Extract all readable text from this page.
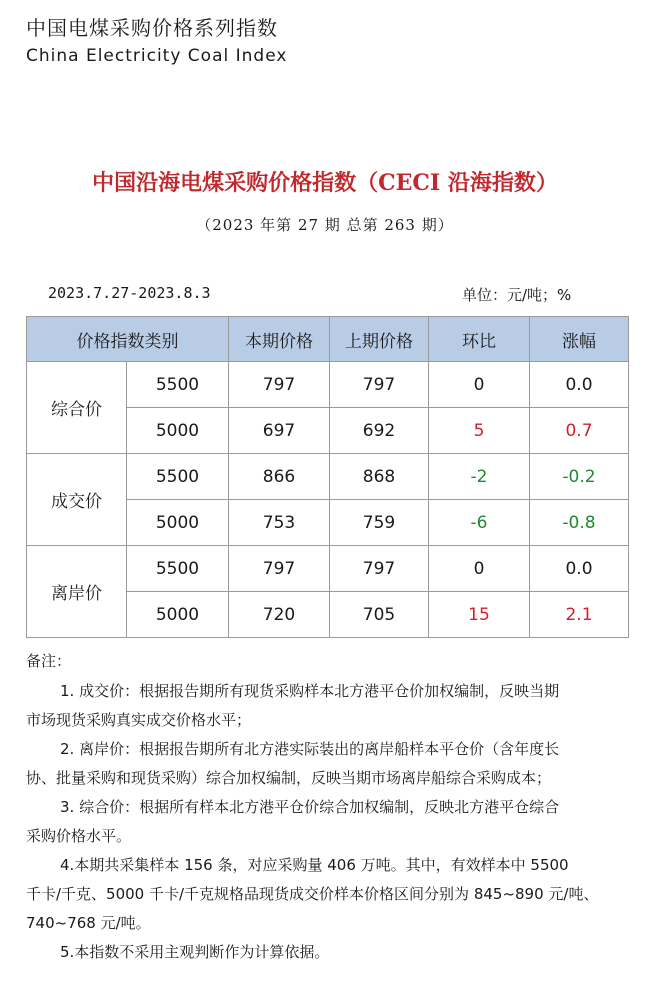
中国电煤采购价格系列指数
China Electricity Coal Index
中国沿海电煤采购价格指数（CECI 沿海指数）
（2023 年第 27 期 总第 263 期）
2023.7.27-2023.8.3	单位：元/吨；%
价格指数类别		本期价格	上期价格	环比	涨幅
综合价	5500	797	797	0	0.0
	5000	697	692	5	0.7
成交价	5500	866	868	-2	-0.2
	5000	753	759	-6	-0.8
离岸价	5500	797	797	0	0.0
	5000	720	705	15	2.1

备注：

1. 成交价：根据报告期所有现货采购样本北方港平仓价加权编制，反映当期

市场现货采购真实成交价格水平；

2. 离岸价：根据报告期所有北方港实际装出的离岸船样本平仓价（含年度长

协、批量采购和现货采购）综合加权编制，反映当期市场离岸船综合采购成本；

3. 综合价：根据所有样本北方港平仓价综合加权编制，反映北方港平仓综合

采购价格水平。

4.本期共采集样本 156 条，对应采购量 406 万吨。其中，有效样本中 5500

千卡/千克、5000 千卡/千克规格品现货成交价样本价格区间分别为 845~890 元/吨、740~768 元/吨。

5.本指数不采用主观判断作为计算依据。
